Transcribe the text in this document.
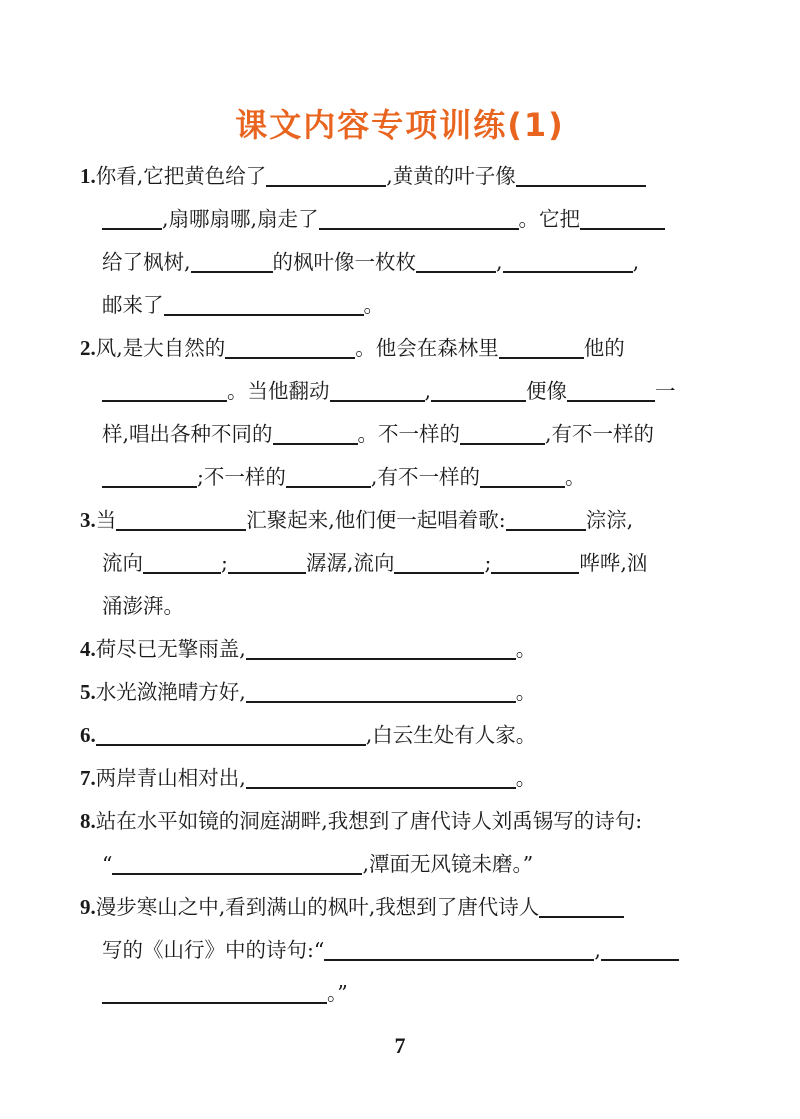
课文内容专项训练(1)
1.你看,它把黄色给了	,黄黄的叶子像
,扇哪扇哪,扇走了	。它把
给了枫树,	的枫叶像一枚枚	,	,
邮来了	。
2.风,是大自然的	。他会在森林里	他的
。当他翻动	,	便像	一
样,唱出各种不同的	。不一样的	,有不一样的
;不一样的	,有不一样的	。
3.当	汇聚起来,他们便一起唱着歌:	淙淙,
流向	;	潺潺,流向	;	哗哗,汹
涌澎湃。
4.荷尽已无擎雨盖,	。
5.水光潋滟晴方好,	。
6.	,白云生处有人家。
7.两岸青山相对出,	。
8.站在水平如镜的洞庭湖畔,我想到了唐代诗人刘禹锡写的诗句:
“	,潭面无风镜未磨。”
9.漫步寒山之中,看到满山的枫叶,我想到了唐代诗人
写的《山行》中的诗句:“	,
。”
7
